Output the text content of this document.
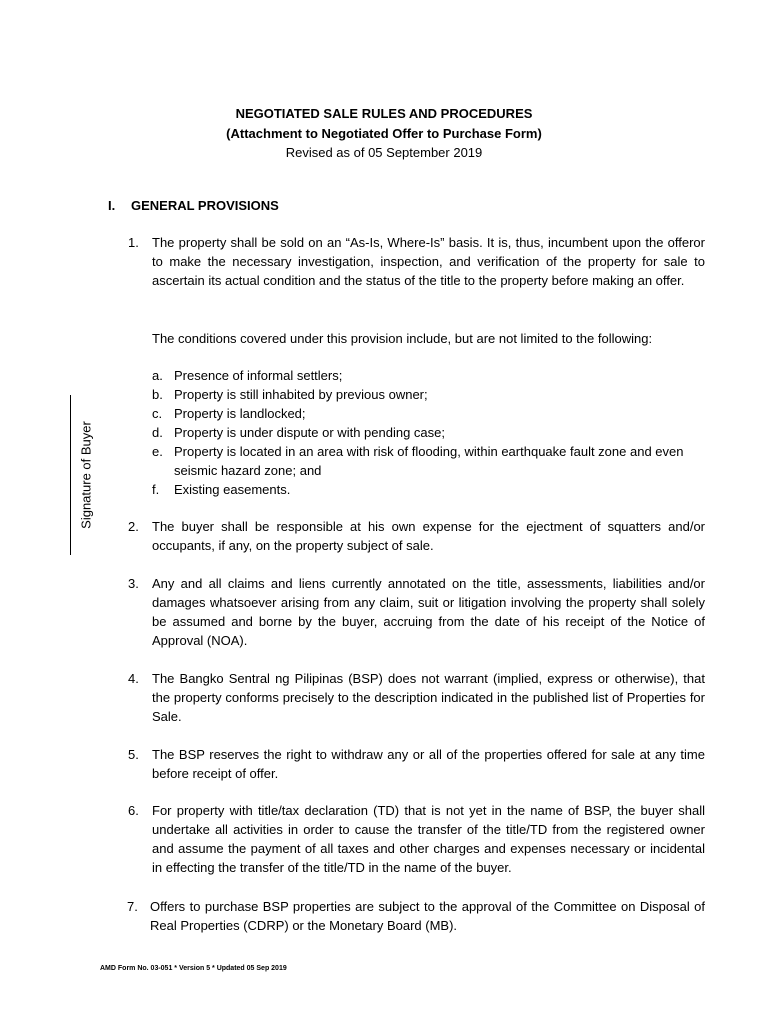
NEGOTIATED SALE RULES AND PROCEDURES
(Attachment to Negotiated Offer to Purchase Form)
Revised as of 05 September 2019
I. GENERAL PROVISIONS
1. The property shall be sold on an “As-Is, Where-Is” basis. It is, thus, incumbent upon the offeror to make the necessary investigation, inspection, and verification of the property for sale to ascertain its actual condition and the status of the title to the property before making an offer.
The conditions covered under this provision include, but are not limited to the following:
a. Presence of informal settlers;
b. Property is still inhabited by previous owner;
c. Property is landlocked;
d. Property is under dispute or with pending case;
e. Property is located in an area with risk of flooding, within earthquake fault zone and even seismic hazard zone; and
f. Existing easements.
2. The buyer shall be responsible at his own expense for the ejectment of squatters and/or occupants, if any, on the property subject of sale.
3. Any and all claims and liens currently annotated on the title, assessments, liabilities and/or damages whatsoever arising from any claim, suit or litigation involving the property shall solely be assumed and borne by the buyer, accruing from the date of his receipt of the Notice of Approval (NOA).
4. The Bangko Sentral ng Pilipinas (BSP) does not warrant (implied, express or otherwise), that the property conforms precisely to the description indicated in the published list of Properties for Sale.
5. The BSP reserves the right to withdraw any or all of the properties offered for sale at any time before receipt of offer.
6. For property with title/tax declaration (TD) that is not yet in the name of BSP, the buyer shall undertake all activities in order to cause the transfer of the title/TD from the registered owner and assume the payment of all taxes and other charges and expenses necessary or incidental in effecting the transfer of the title/TD in the name of the buyer.
7. Offers to purchase BSP properties are subject to the approval of the Committee on Disposal of Real Properties (CDRP) or the Monetary Board (MB).
Signature of Buyer
AMD Form No. 03-051 * Version 5 * Updated 05 Sep 2019
